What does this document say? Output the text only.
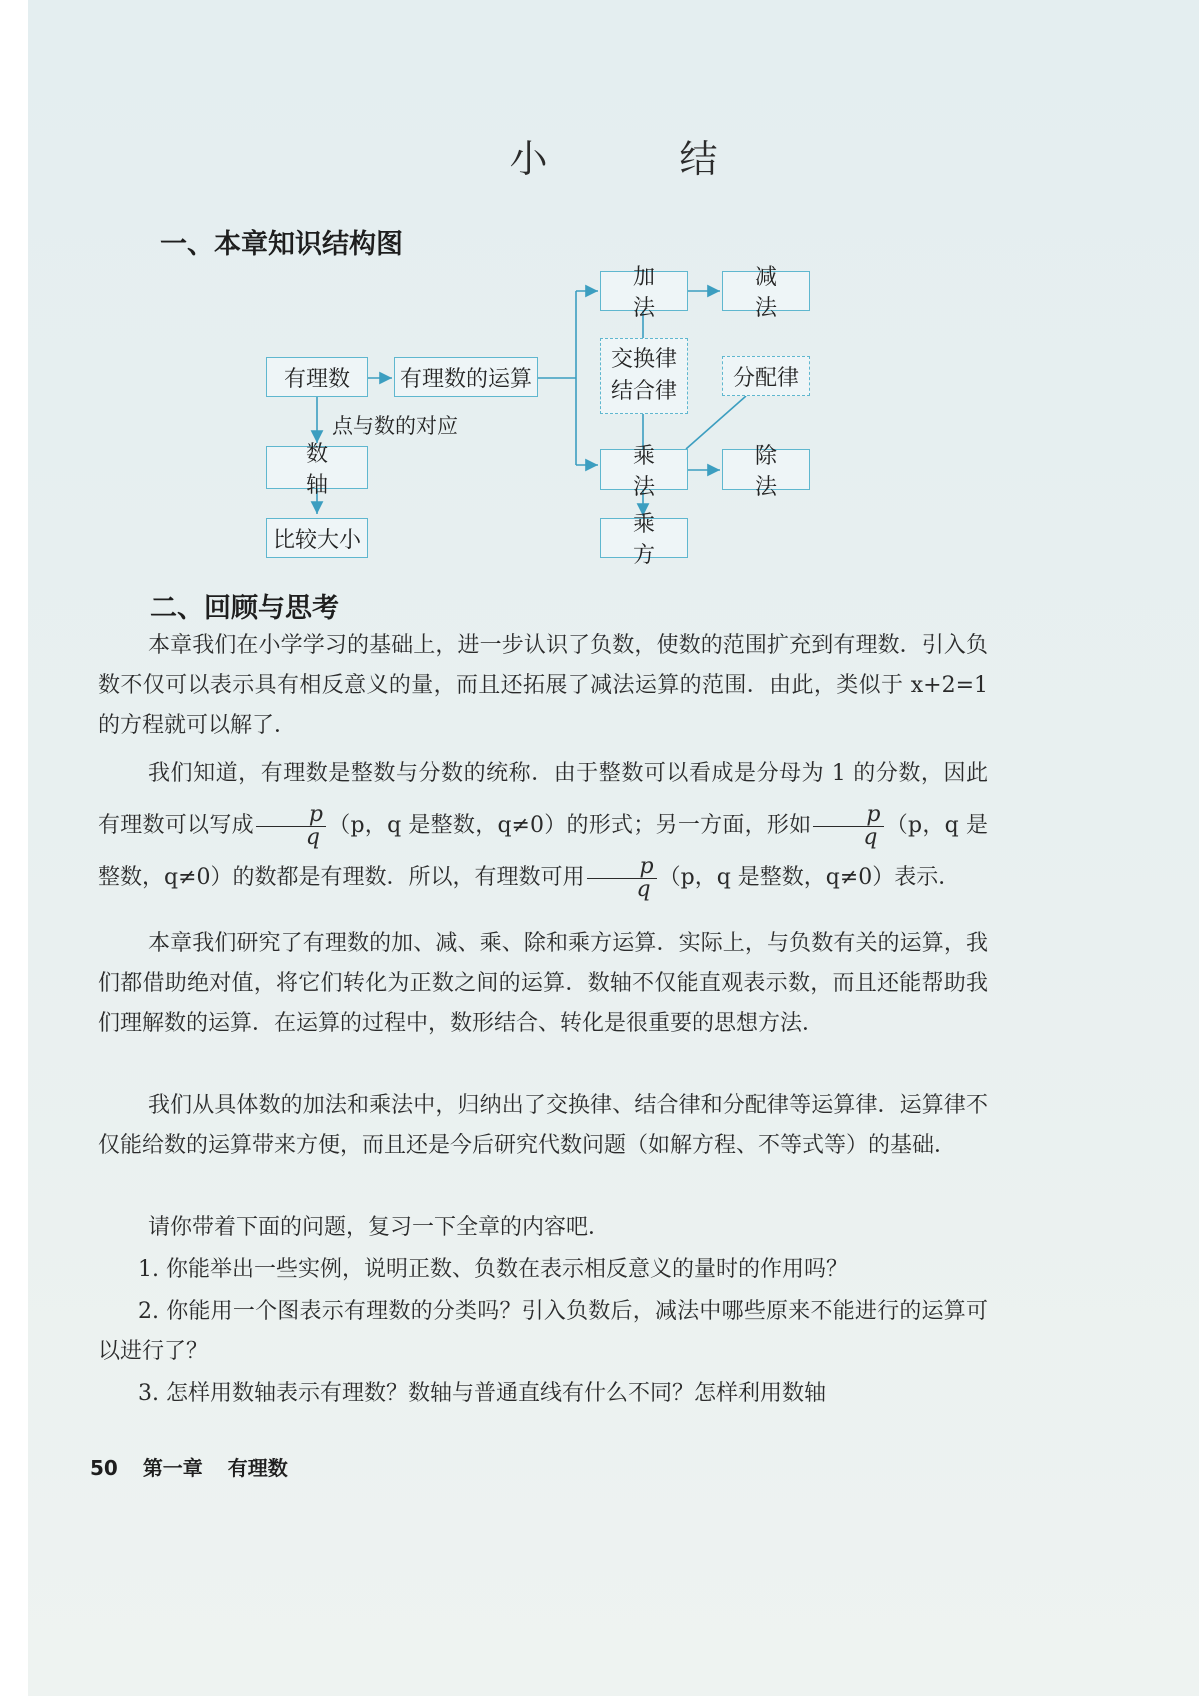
小 结
一、本章知识结构图
有理数	有理数的运算
点与数的对应
数 轴
比较大小
加 法
减 法
交换律
结合律
分配律
乘 法
除 法
乘 方
二、回顾与思考
本章我们在小学学习的基础上，进一步认识了负数，使数的范围扩充到有理数．引入负数不仅可以表示具有相反意义的量，而且还拓展了减法运算的范围．由此，类似于 x+2=1 的方程就可以解了．
我们知道，有理数是整数与分数的统称．由于整数可以看成是分母为 1 的分数，因此有理数可以写成 $\frac{p}{q} (p$，q 是整数，q≠0）的形式；另一方面，形如 $\frac{p}{q} (p$，q 是整数，q≠0）的数都是有理数．所以，有理数可用 $\frac{p}{q} (p$，q 是整数，q≠0）表示．
本章我们研究了有理数的加、减、乘、除和乘方运算．实际上，与负数有关的运算，我们都借助绝对值，将它们转化为正数之间的运算．数轴不仅能直观表示数，而且还能帮助我们理解数的运算．在运算的过程中，数形结合、转化是很重要的思想方法．
我们从具体数的加法和乘法中，归纳出了交换律、结合律和分配律等运算律．运算律不仅能给数的运算带来方便，而且还是今后研究代数问题（如解方程、不等式等）的基础．
请你带着下面的问题，复习一下全章的内容吧．
1. 你能举出一些实例，说明正数、负数在表示相反意义的量时的作用吗？
2. 你能用一个图表示有理数的分类吗？引入负数后，减法中哪些原来不能进行的运算可以进行了？
3. 怎样用数轴表示有理数？数轴与普通直线有什么不同？怎样利用数轴
50 第一章 有理数
